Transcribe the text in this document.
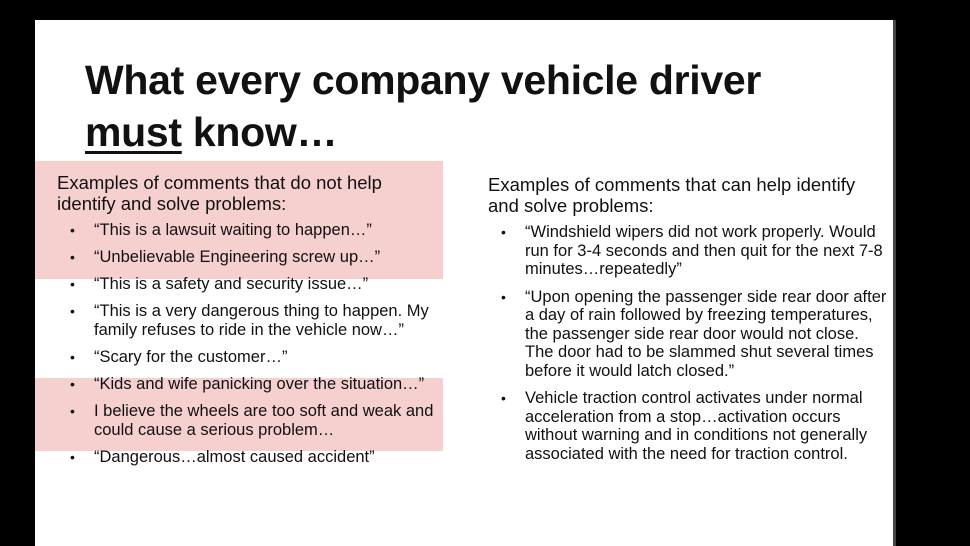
What every company vehicle driver
must know…
Examples of comments that do not help identify and solve problems:
• “This is a lawsuit waiting to happen…”
• “Unbelievable Engineering screw up…”
• “This is a safety and security issue…”
• “This is a very dangerous thing to happen. My family refuses to ride in the vehicle now…”
• “Scary for the customer…”
• “Kids and wife panicking over the situation…”
• I believe the wheels are too soft and weak and could cause a serious problem…
• “Dangerous…almost caused accident”
Examples of comments that can help identify and solve problems:
• “Windshield wipers did not work properly. Would run for 3-4 seconds and then quit for the next 7-8 minutes…repeatedly”
• “Upon opening the passenger side rear door after a day of rain followed by freezing temperatures, the passenger side rear door would not close. The door had to be slammed shut several times before it would latch closed.”
• Vehicle traction control activates under normal acceleration from a stop…activation occurs without warning and in conditions not generally associated with the need for traction control.
